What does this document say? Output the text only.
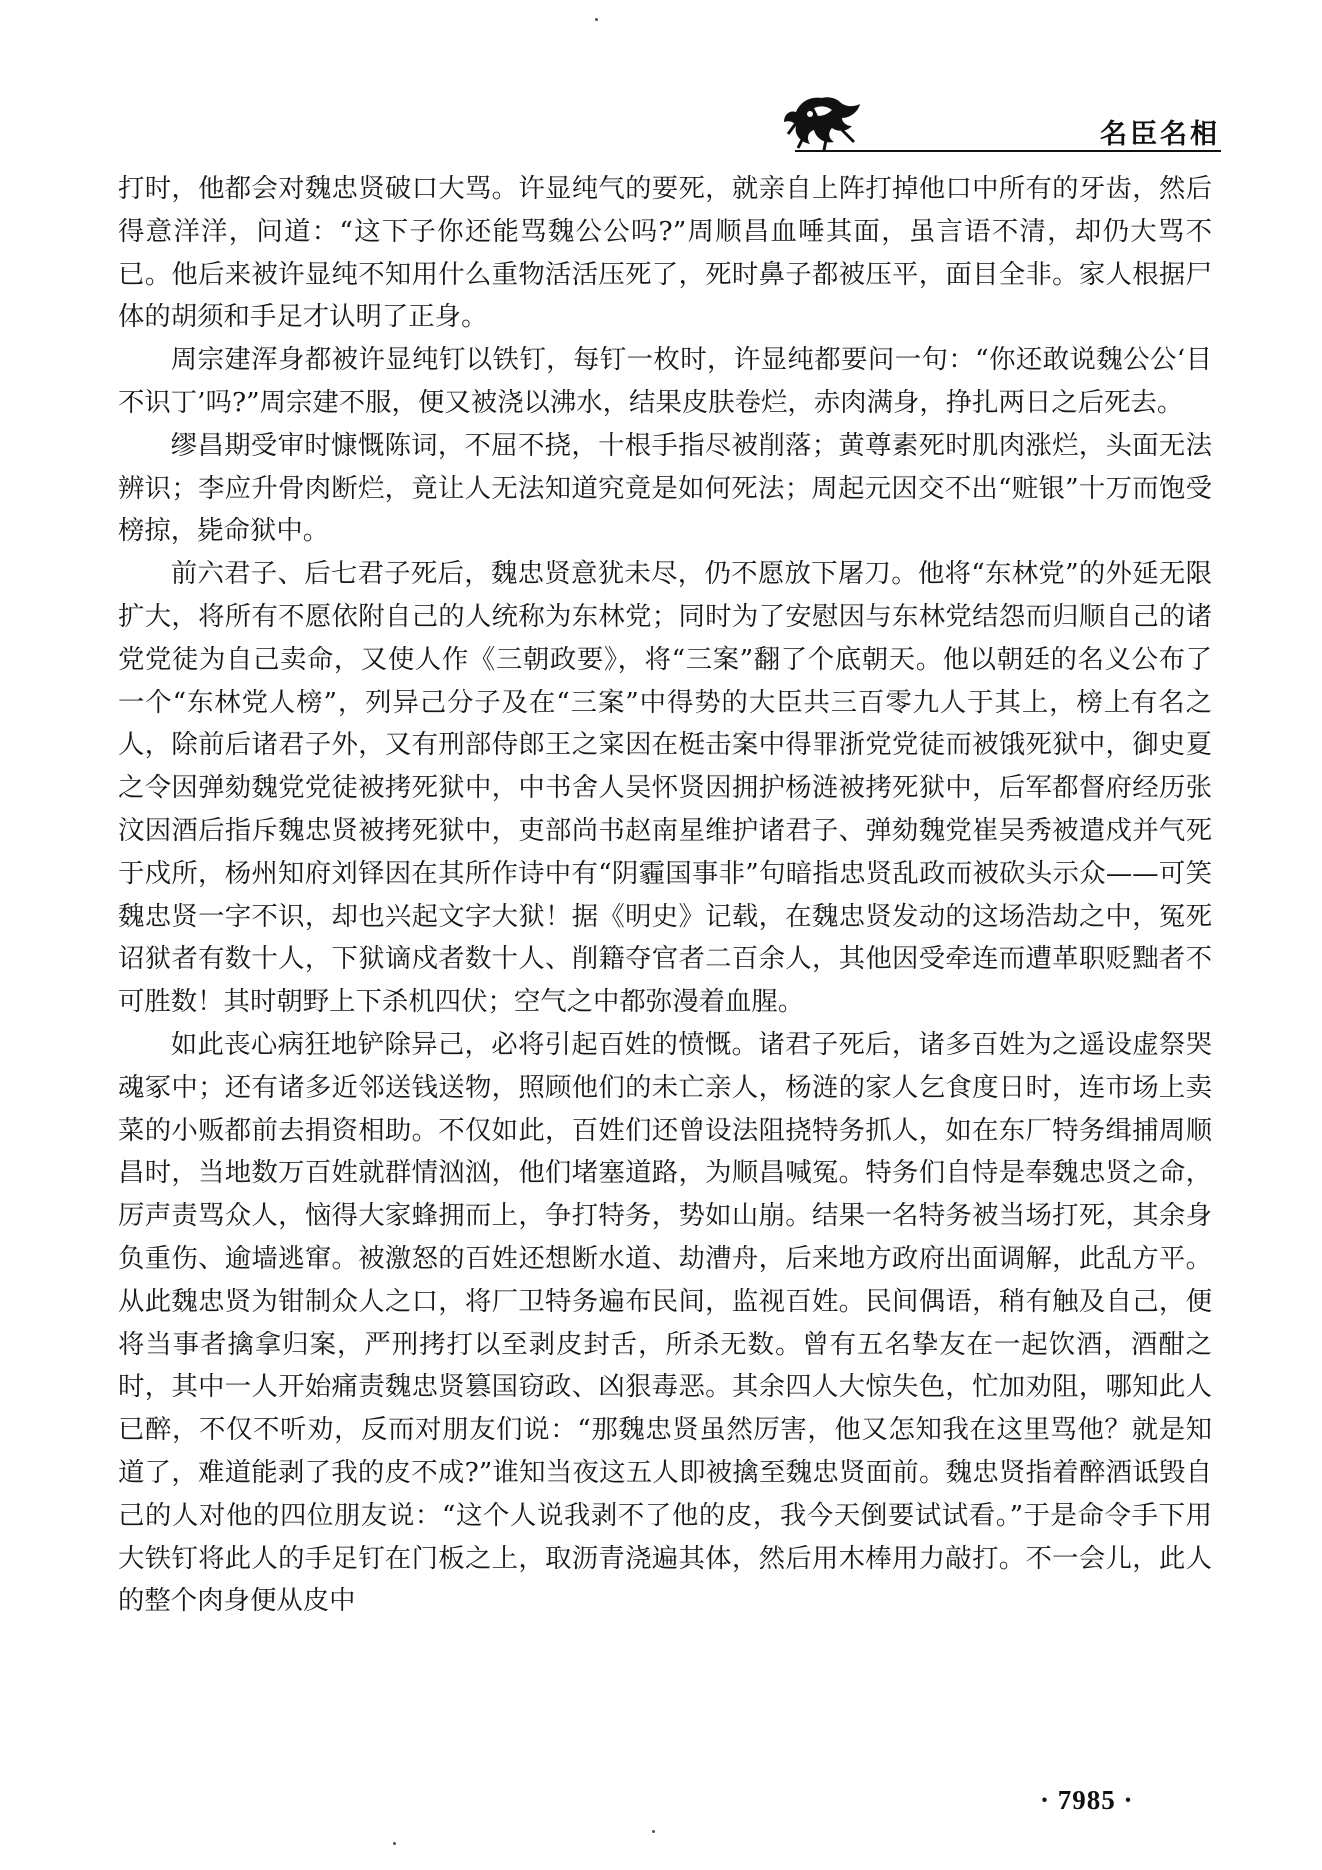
名臣名相

打时，他都会对魏忠贤破口大骂。许显纯气的要死，就亲自上阵打掉他口中所有的牙齿，然后得意洋洋，问道：“这下子你还能骂魏公公吗?”周顺昌血唾其面，虽言语不清，却仍大骂不已。他后来被许显纯不知用什么重物活活压死了，死时鼻子都被压平，面目全非。家人根据尸体的胡须和手足才认明了正身。

周宗建浑身都被许显纯钉以铁钉，每钉一枚时，许显纯都要问一句：“你还敢说魏公公‘目不识丁’吗?”周宗建不服，便又被浇以沸水，结果皮肤卷烂，赤肉满身，挣扎两日之后死去。

缪昌期受审时慷慨陈词，不屈不挠，十根手指尽被削落；黄尊素死时肌肉涨烂，头面无法辨识；李应升骨肉断烂，竟让人无法知道究竟是如何死法；周起元因交不出“赃银”十万而饱受榜掠，毙命狱中。

前六君子、后七君子死后，魏忠贤意犹未尽，仍不愿放下屠刀。他将“东林党”的外延无限扩大，将所有不愿依附自己的人统称为东林党；同时为了安慰因与东林党结怨而归顺自己的诸党党徒为自己卖命，又使人作《三朝政要》，将“三案”翻了个底朝天。他以朝廷的名义公布了一个“东林党人榜”，列异己分子及在“三案”中得势的大臣共三百零九人于其上，榜上有名之人，除前后诸君子外，又有刑部侍郎王之寀因在梃击案中得罪浙党党徒而被饿死狱中，御史夏之令因弹劾魏党党徒被拷死狱中，中书舍人吴怀贤因拥护杨涟被拷死狱中，后军都督府经历张汶因酒后指斥魏忠贤被拷死狱中，吏部尚书赵南星维护诸君子、弹劾魏党崔吴秀被遣戍并气死于戍所，杨州知府刘铎因在其所作诗中有“阴霾国事非”句暗指忠贤乱政而被砍头示众——可笑魏忠贤一字不识，却也兴起文字大狱！据《明史》记载，在魏忠贤发动的这场浩劫之中，冤死诏狱者有数十人，下狱谪戍者数十人、削籍夺官者二百余人，其他因受牵连而遭革职贬黜者不可胜数！其时朝野上下杀机四伏；空气之中都弥漫着血腥。

如此丧心病狂地铲除异己，必将引起百姓的愤慨。诸君子死后，诸多百姓为之遥设虚祭哭魂冢中；还有诸多近邻送钱送物，照顾他们的未亡亲人，杨涟的家人乞食度日时，连市场上卖菜的小贩都前去捐资相助。不仅如此，百姓们还曾设法阻挠特务抓人，如在东厂特务缉捕周顺昌时，当地数万百姓就群情汹汹，他们堵塞道路，为顺昌喊冤。特务们自恃是奉魏忠贤之命，厉声责骂众人，恼得大家蜂拥而上，争打特务，势如山崩。结果一名特务被当场打死，其余身负重伤、逾墙逃窜。被激怒的百姓还想断水道、劫漕舟，后来地方政府出面调解，此乱方平。从此魏忠贤为钳制众人之口，将厂卫特务遍布民间，监视百姓。民间偶语，稍有触及自己，便将当事者擒拿归案，严刑拷打以至剥皮封舌，所杀无数。曾有五名挚友在一起饮酒，酒酣之时，其中一人开始痛责魏忠贤篡国窃政、凶狠毒恶。其余四人大惊失色，忙加劝阻，哪知此人已醉，不仅不听劝，反而对朋友们说：“那魏忠贤虽然厉害，他又怎知我在这里骂他？就是知道了，难道能剥了我的皮不成?”谁知当夜这五人即被擒至魏忠贤面前。魏忠贤指着醉酒诋毁自己的人对他的四位朋友说：“这个人说我剥不了他的皮，我今天倒要试试看。”于是命令手下用大铁钉将此人的手足钉在门板之上，取沥青浇遍其体，然后用木棒用力敲打。不一会儿，此人的整个肉身便从皮中

· 7985 ·
